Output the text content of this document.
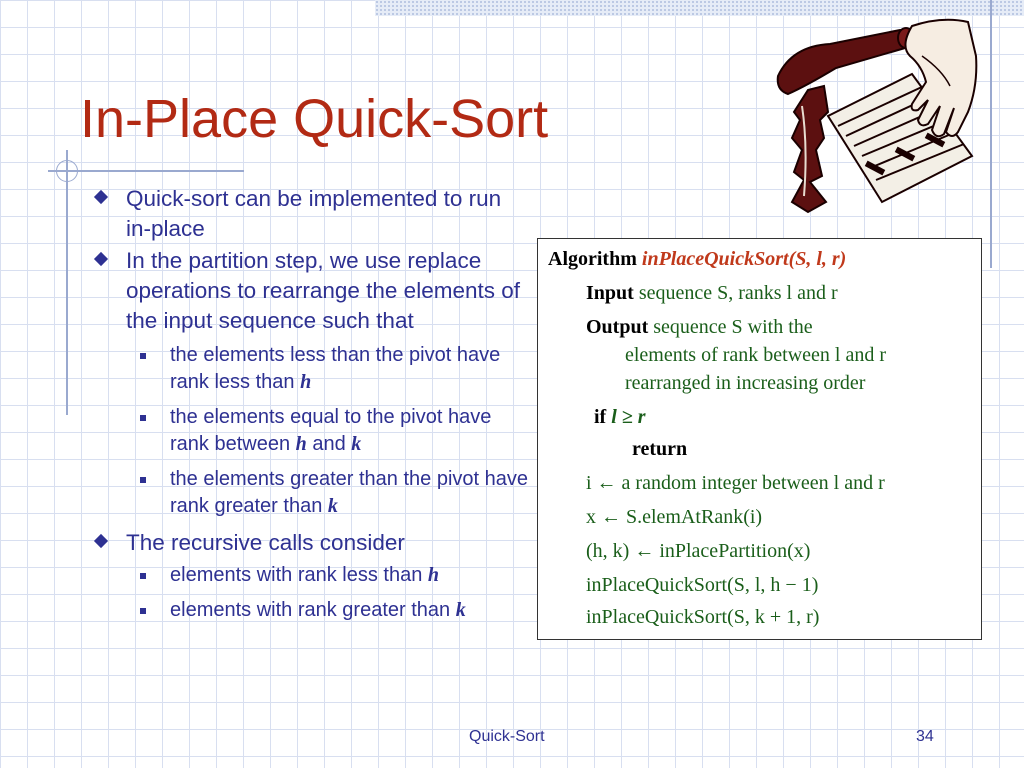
In-Place Quick-Sort
Quick-sort can be implemented to run in-place
In the partition step, we use replace operations to rearrange the elements of the input sequence such that
the elements less than the pivot have rank less than h
the elements equal to the pivot have rank between h and k
the elements greater than the pivot have rank greater than k
The recursive calls consider
elements with rank less than h
elements with rank greater than k
Algorithm inPlaceQuickSort(S, l, r)
Input sequence S, ranks l and r
Output sequence S with the
elements of rank between l and r
rearranged in increasing order
if l ≥ r
return
i ← a random integer between l and r
x ← S.elemAtRank(i)
(h, k) ← inPlacePartition(x)
inPlaceQuickSort(S, l, h − 1)
inPlaceQuickSort(S, k + 1, r)
Quick-Sort	34
